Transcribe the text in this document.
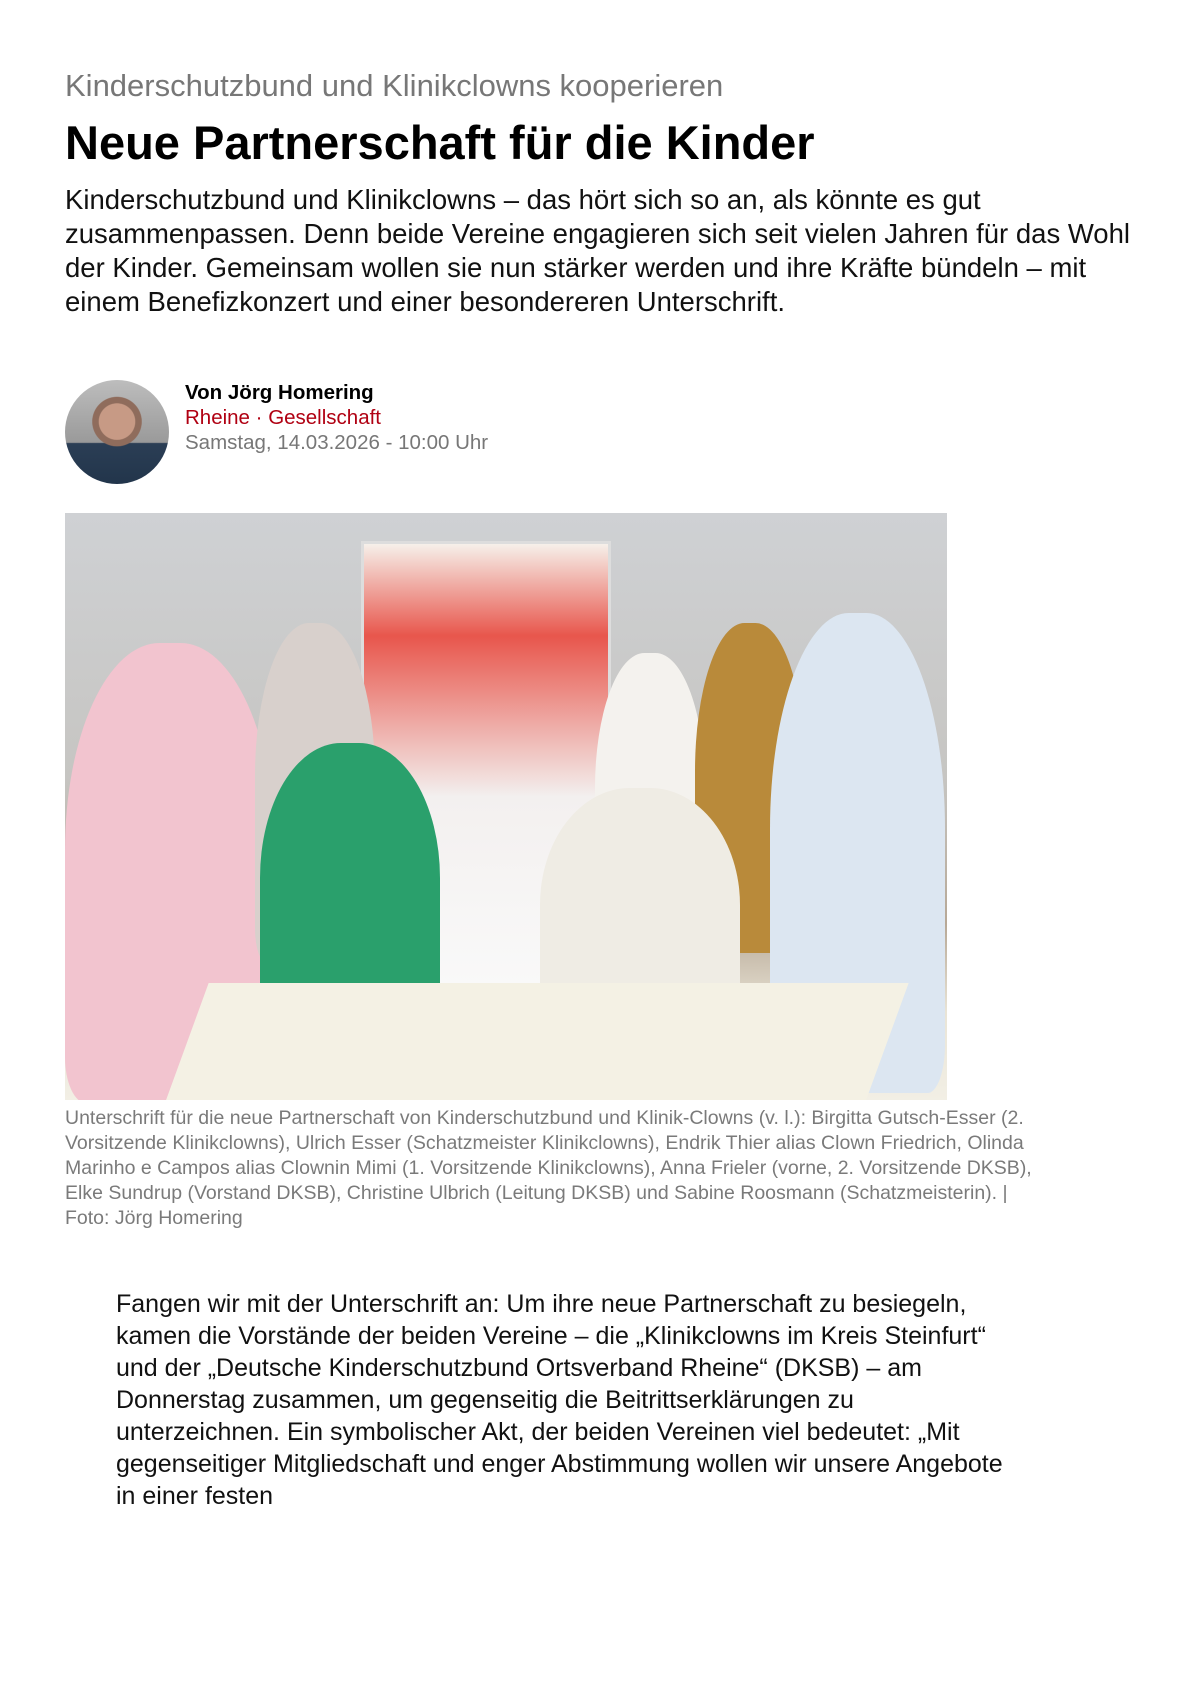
Kinderschutzbund und Klinikclowns kooperieren
Neue Partnerschaft für die Kinder

Kinderschutzbund und Klinikclowns – das hört sich so an, als könnte es gut zusammenpassen. Denn beide Vereine engagieren sich seit vielen Jahren für das Wohl der Kinder. Gemeinsam wollen sie nun stärker werden und ihre Kräfte bündeln – mit einem Benefizkonzert und einer besondereren Unterschrift.

Von Jörg Homering
Rheine · Gesellschaft
Samstag, 14.03.2026 - 10:00 Uhr

Unterschrift für die neue Partnerschaft von Kinderschutzbund und Klinik-Clowns (v. l.): Birgitta Gutsch-Esser (2. Vorsitzende Klinikclowns), Ulrich Esser (Schatzmeister Klinikclowns), Endrik Thier alias Clown Friedrich, Olinda Marinho e Campos alias Clownin Mimi (1. Vorsitzende Klinikclowns), Anna Frieler (vorne, 2. Vorsitzende DKSB), Elke Sundrup (Vorstand DKSB), Christine Ulbrich (Leitung DKSB) und Sabine Roosmann (Schatzmeisterin). | Foto: Jörg Homering

Fangen wir mit der Unterschrift an: Um ihre neue Partnerschaft zu besiegeln, kamen die Vorstände der beiden Vereine – die „Klinikclowns im Kreis Steinfurt“ und der „Deutsche Kinderschutzbund Ortsverband Rheine“ (DKSB) – am Donnerstag zusammen, um gegenseitig die Beitrittserklärungen zu unterzeichnen. Ein symbolischer Akt, der beiden Vereinen viel bedeutet: „Mit gegenseitiger Mitgliedschaft und enger Abstimmung wollen wir unsere Angebote in einer festen
